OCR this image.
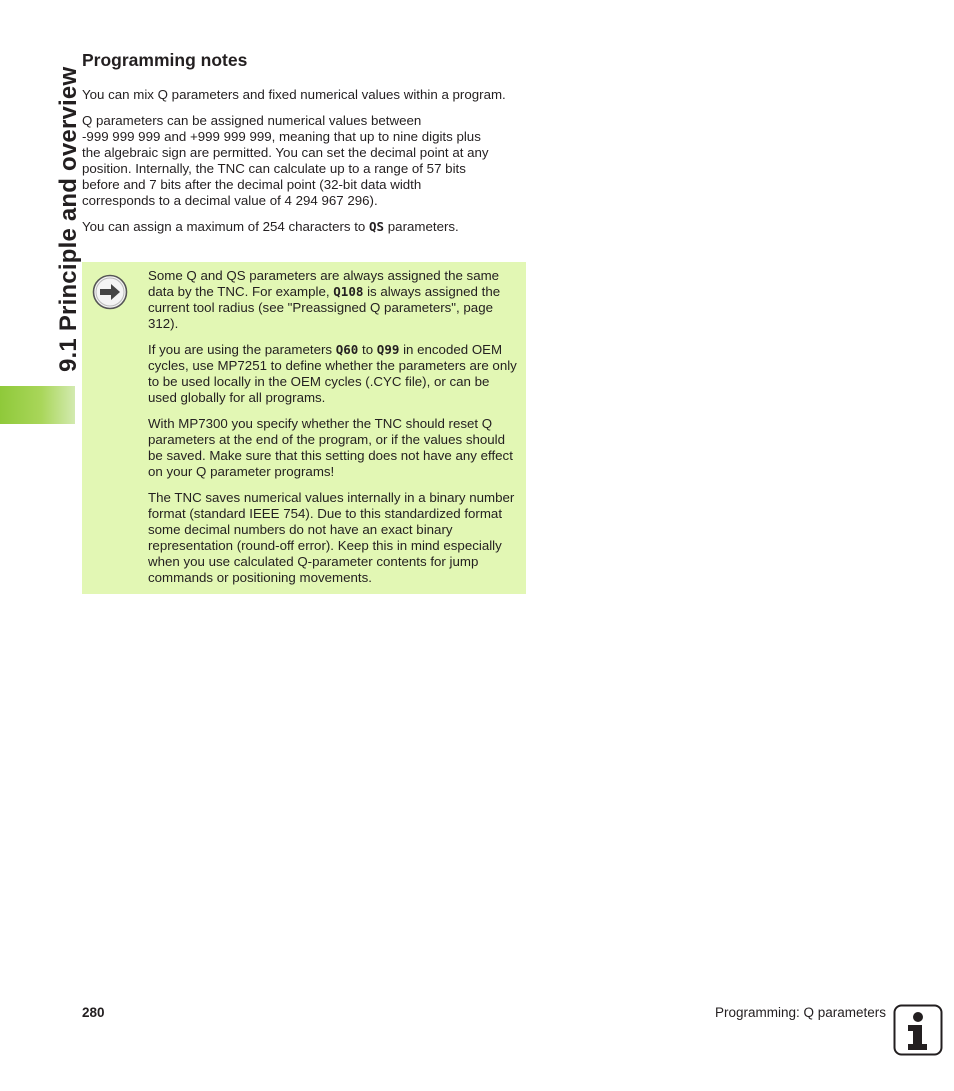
9.1 Principle and overview
Programming notes

You can mix Q parameters and fixed numerical values within a program.

Q parameters can be assigned numerical values between
-999 999 999 and +999 999 999, meaning that up to nine digits plus
the algebraic sign are permitted. You can set the decimal point at any
position. Internally, the TNC can calculate up to a range of 57 bits
before and 7 bits after the decimal point (32-bit data width
corresponds to a decimal value of 4 294 967 296).

You can assign a maximum of 254 characters to QS parameters.

Some Q and QS parameters are always assigned the same data by the TNC. For example, Q108 is always assigned the current tool radius (see "Preassigned Q parameters", page 312).

If you are using the parameters Q60 to Q99 in encoded OEM cycles, use MP7251 to define whether the parameters are only to be used locally in the OEM cycles (.CYC file), or can be used globally for all programs.

With MP7300 you specify whether the TNC should reset Q parameters at the end of the program, or if the values should be saved. Make sure that this setting does not have any effect on your Q parameter programs!

The TNC saves numerical values internally in a binary number format (standard IEEE 754). Due to this standardized format some decimal numbers do not have an exact binary representation (round-off error). Keep this in mind especially when you use calculated Q-parameter contents for jump commands or positioning movements.

280	Programming: Q parameters
